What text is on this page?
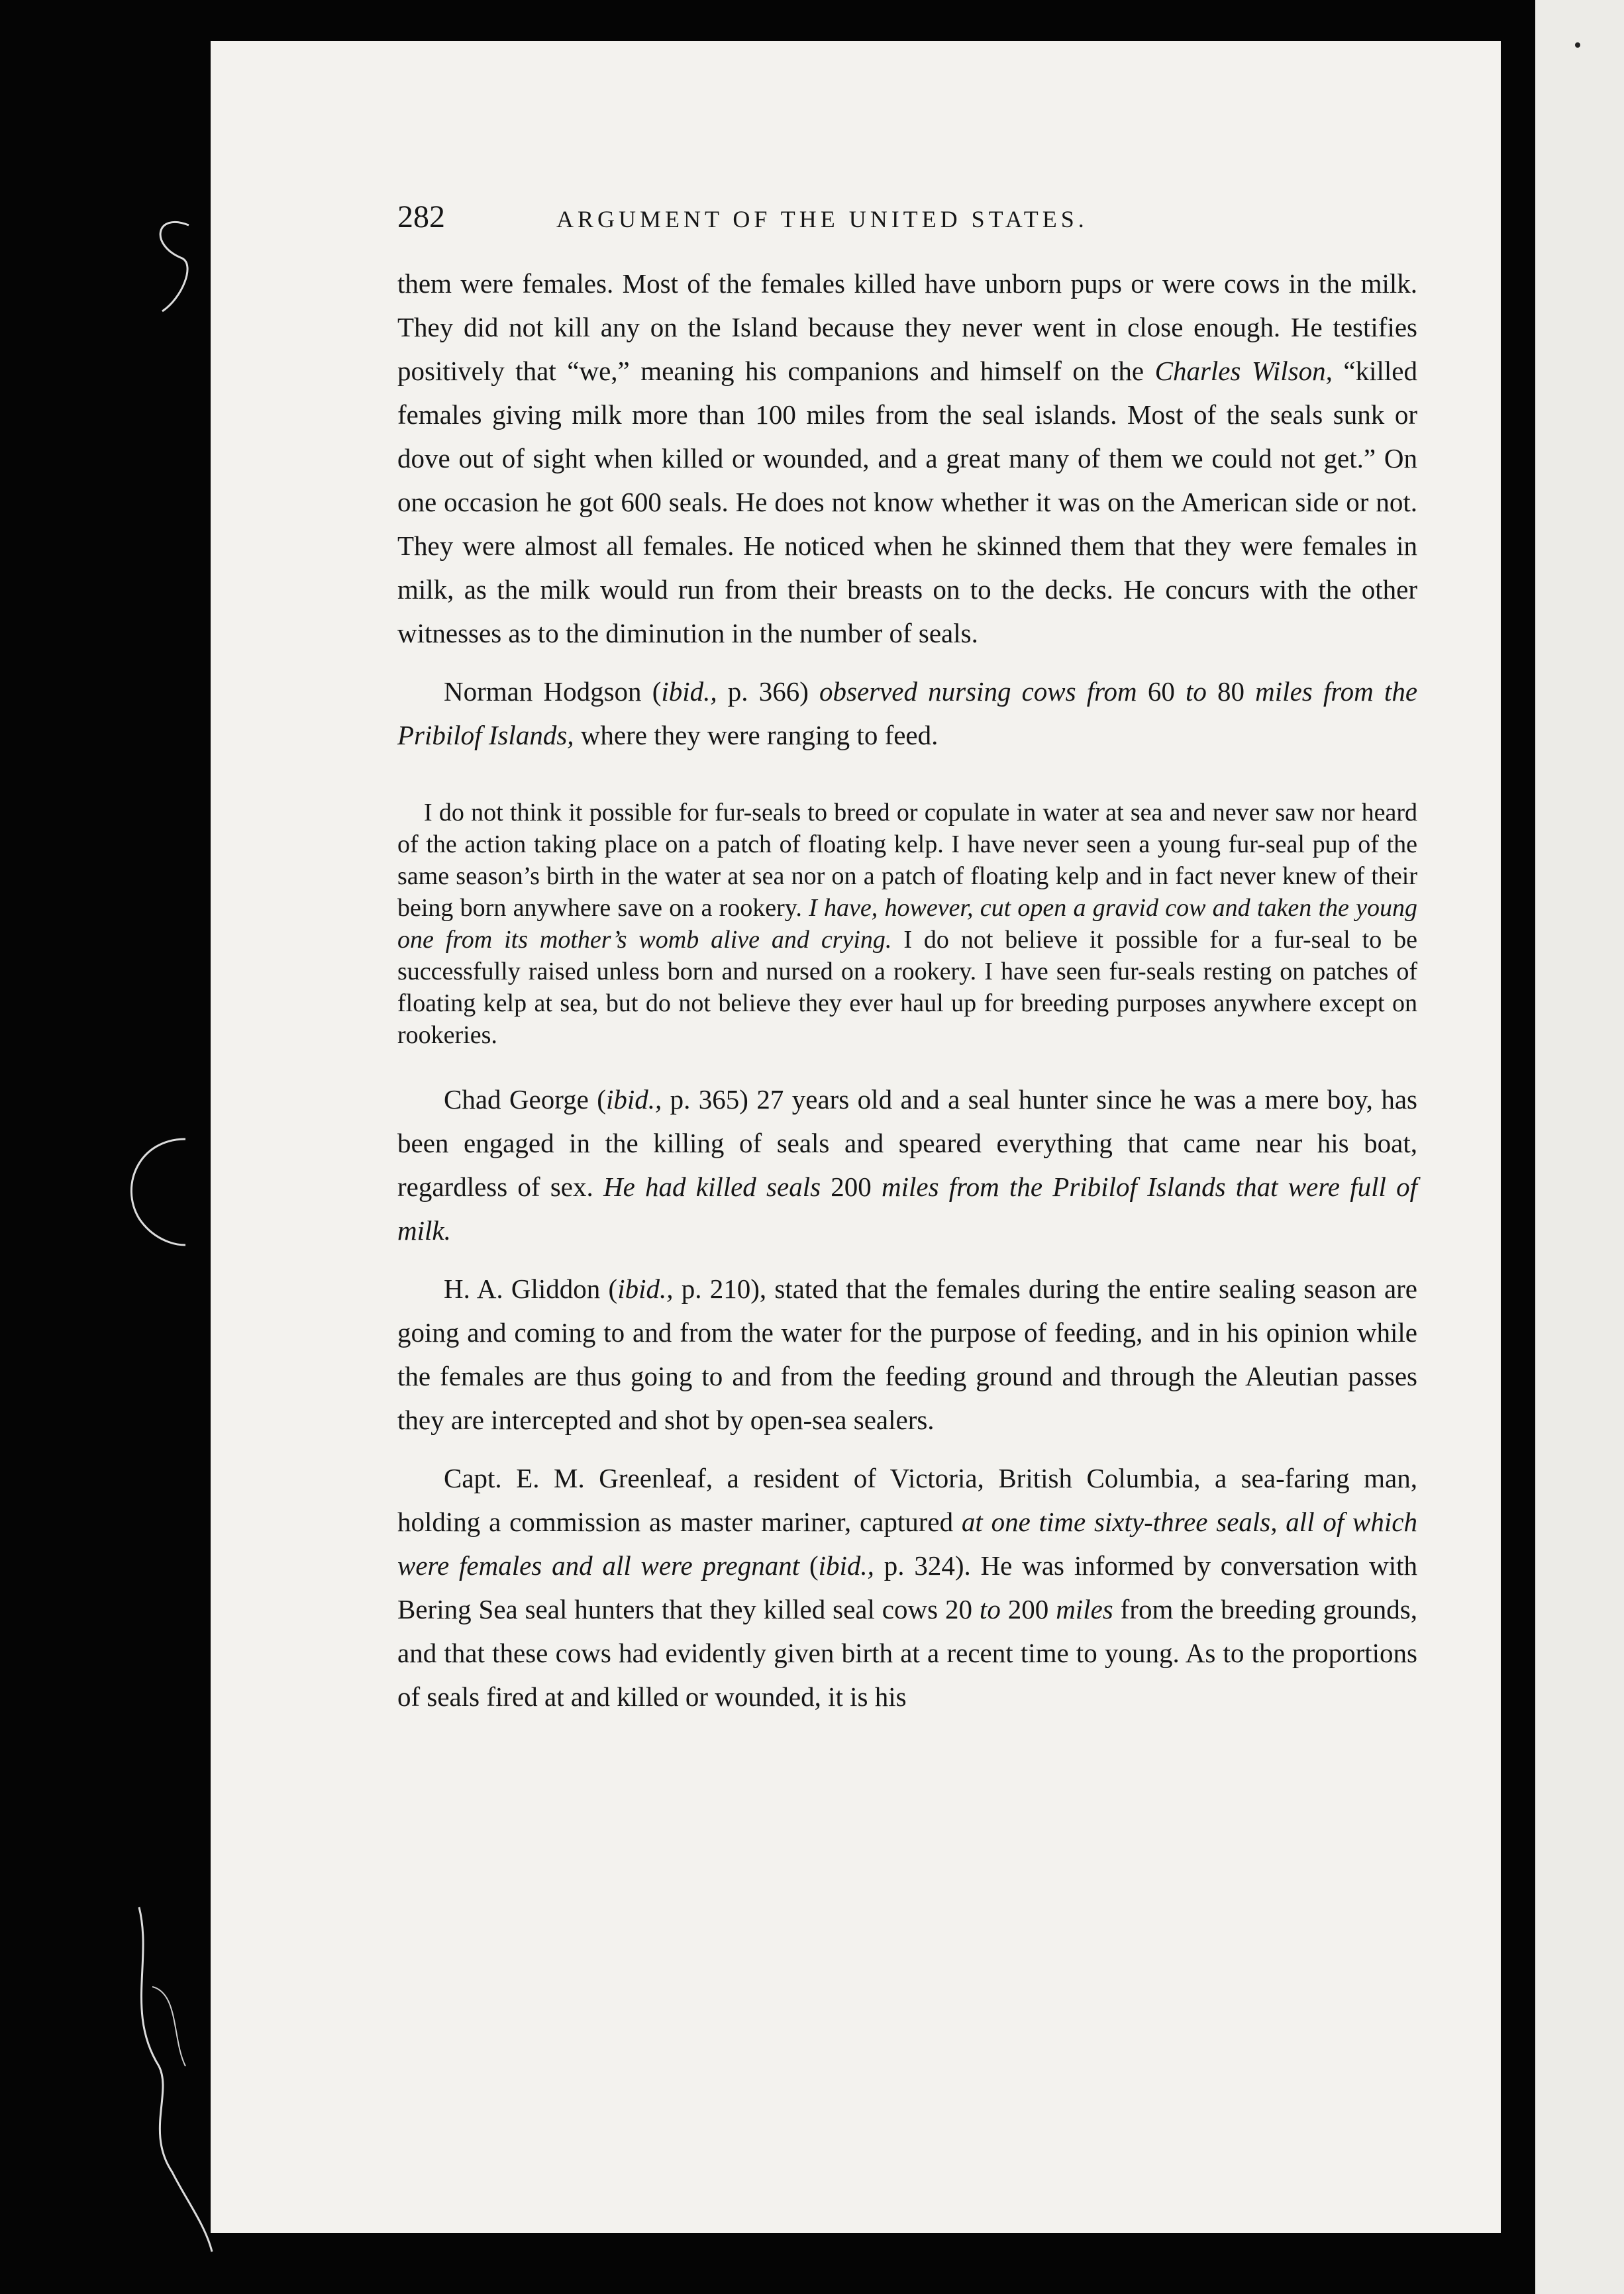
282	ARGUMENT OF THE UNITED STATES.

them were females. Most of the females killed have unborn pups or were cows in the milk. They did not kill any on the Island because they never went in close enough. He testifies positively that “we,” meaning his companions and himself on the Charles Wilson, “killed females giving milk more than 100 miles from the seal islands. Most of the seals sunk or dove out of sight when killed or wounded, and a great many of them we could not get.” On one occasion he got 600 seals. He does not know whether it was on the American side or not. They were almost all females. He noticed when he skinned them that they were females in milk, as the milk would run from their breasts on to the decks. He concurs with the other witnesses as to the diminution in the number of seals.

Norman Hodgson (ibid., p. 366) observed nursing cows from 60 to 80 miles from the Pribilof Islands, where they were ranging to feed.

I do not think it possible for fur-seals to breed or copulate in water at sea and never saw nor heard of the action taking place on a patch of floating kelp. I have never seen a young fur-seal pup of the same season’s birth in the water at sea nor on a patch of floating kelp and in fact never knew of their being born anywhere save on a rookery. I have, however, cut open a gravid cow and taken the young one from its mother’s womb alive and crying. I do not believe it possible for a fur-seal to be successfully raised unless born and nursed on a rookery. I have seen fur-seals resting on patches of floating kelp at sea, but do not believe they ever haul up for breeding purposes anywhere except on rookeries.

Chad George (ibid., p. 365) 27 years old and a seal hunter since he was a mere boy, has been engaged in the killing of seals and speared everything that came near his boat, regardless of sex. He had killed seals 200 miles from the Pribilof Islands that were full of milk.

H. A. Gliddon (ibid., p. 210), stated that the females during the entire sealing season are going and coming to and from the water for the purpose of feeding, and in his opinion while the females are thus going to and from the feeding ground and through the Aleutian passes they are intercepted and shot by open-sea sealers.

Capt. E. M. Greenleaf, a resident of Victoria, British Columbia, a sea-faring man, holding a commission as master mariner, captured at one time sixty-three seals, all of which were females and all were pregnant (ibid., p. 324). He was informed by conversation with Bering Sea seal hunters that they killed seal cows 20 to 200 miles from the breeding grounds, and that these cows had evidently given birth at a recent time to young. As to the proportions of seals fired at and killed or wounded, it is his
